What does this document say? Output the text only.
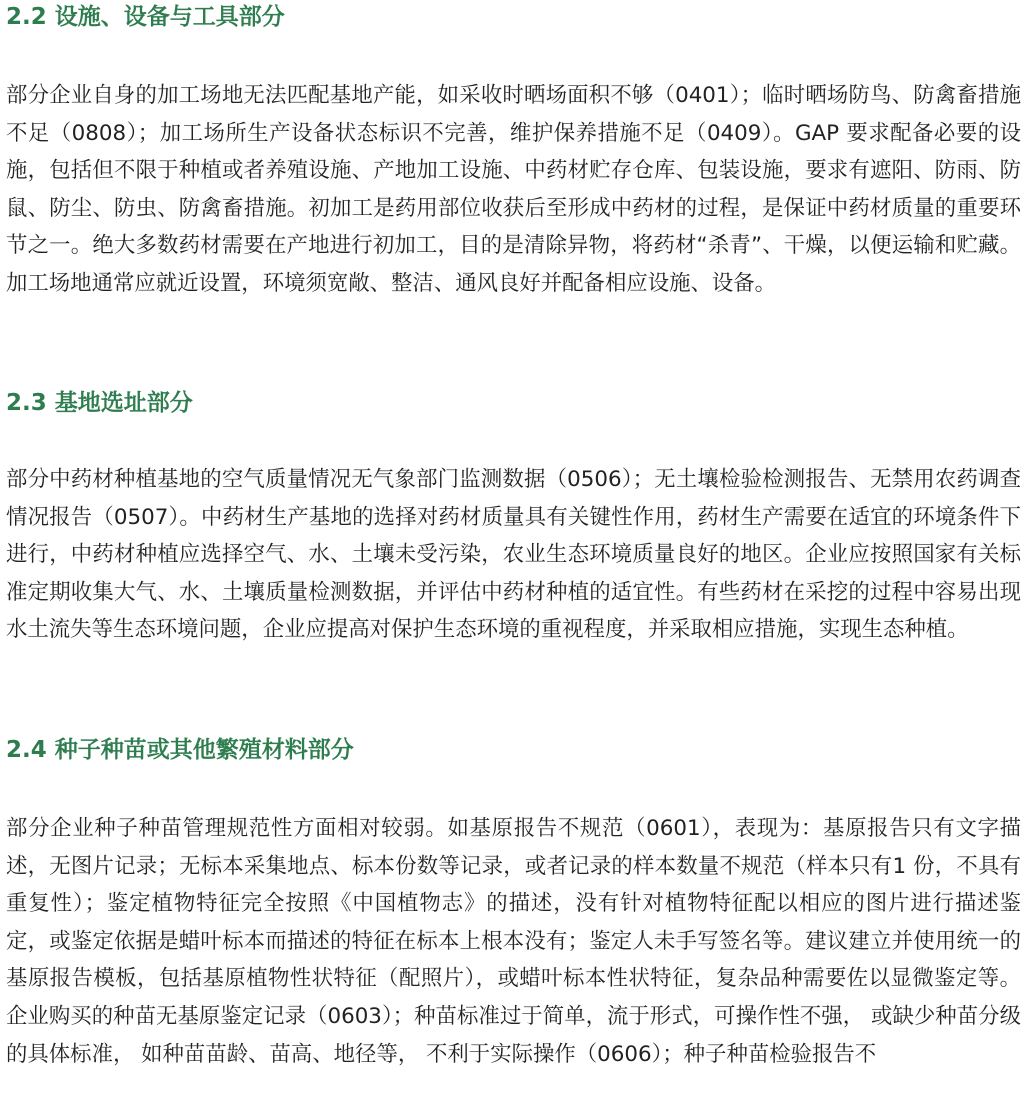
2.2 设施、设备与工具部分

部分企业自身的加工场地无法匹配基地产能，如采收时晒场面积不够（0401）；临时晒场防鸟、防禽畜措施不足（0808）；加工场所生产设备状态标识不完善，维护保养措施不足（0409）。GAP 要求配备必要的设施，包括但不限于种植或者养殖设施、产地加工设施、中药材贮存仓库、包装设施，要求有遮阳、防雨、防鼠、防尘、防虫、防禽畜措施。初加工是药用部位收获后至形成中药材的过程，是保证中药材质量的重要环节之一。绝大多数药材需要在产地进行初加工，目的是清除异物，将药材“杀青”、干燥，以便运输和贮藏。加工场地通常应就近设置，环境须宽敞、整洁、通风良好并配备相应设施、设备。

2.3 基地选址部分

部分中药材种植基地的空气质量情况无气象部门监测数据（0506）；无土壤检验检测报告、无禁用农药调查情况报告（0507）。中药材生产基地的选择对药材质量具有关键性作用，药材生产需要在适宜的环境条件下进行，中药材种植应选择空气、水、土壤未受污染，农业生态环境质量良好的地区。企业应按照国家有关标准定期收集大气、水、土壤质量检测数据，并评估中药材种植的适宜性。有些药材在采挖的过程中容易出现水土流失等生态环境问题，企业应提高对保护生态环境的重视程度，并采取相应措施，实现生态种植。

2.4 种子种苗或其他繁殖材料部分

部分企业种子种苗管理规范性方面相对较弱。如基原报告不规范（0601），表现为：基原报告只有文字描述，无图片记录；无标本采集地点、标本份数等记录，或者记录的样本数量不规范（样本只有1 份，不具有重复性）；鉴定植物特征完全按照《中国植物志》的描述，没有针对植物特征配以相应的图片进行描述鉴定，或鉴定依据是蜡叶标本而描述的特征在标本上根本没有；鉴定人未手写签名等。建议建立并使用统一的基原报告模板，包括基原植物性状特征（配照片），或蜡叶标本性状特征，复杂品种需要佐以显微鉴定等。企业购买的种苗无基原鉴定记录（0603）；种苗标准过于简单，流于形式，可操作性不强， 或缺少种苗分级的具体标准， 如种苗苗龄、苗高、地径等， 不利于实际操作（0606）；种子种苗检验报告不
